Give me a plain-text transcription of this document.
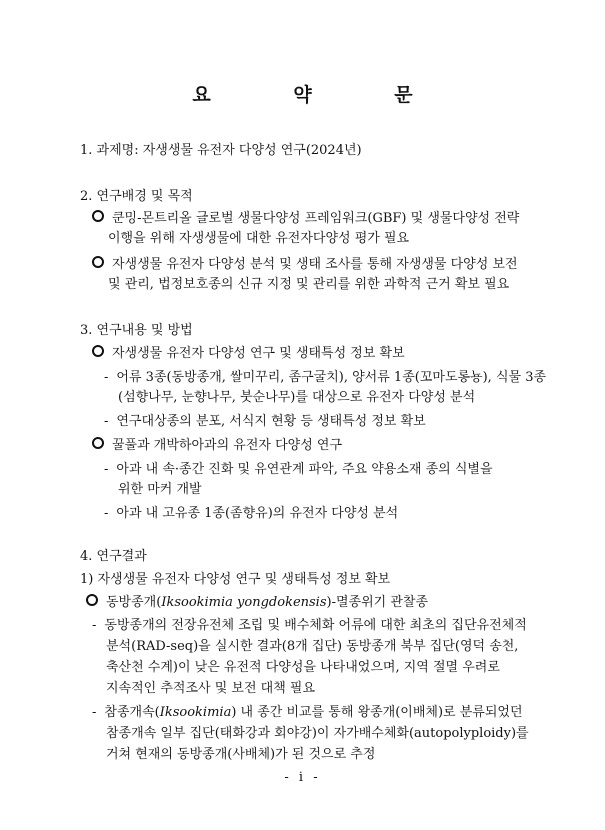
요 약 문
1. 과제명: 자생생물 유전자 다양성 연구(2024년)
2. 연구배경 및 목적
쿤밍-몬트리올 글로벌 생물다양성 프레임워크(GBF) 및 생물다양성 전략
이행을 위해 자생생물에 대한 유전자다양성 평가 필요
자생생물 유전자 다양성 분석 및 생태 조사를 통해 자생생물 다양성 보전
및 관리, 법정보호종의 신규 지정 및 관리를 위한 과학적 근거 확보 필요
3. 연구내용 및 방법
자생생물 유전자 다양성 연구 및 생태특성 정보 확보
- 어류 3종(동방종개, 쌀미꾸리, 좀구굴치), 양서류 1종(꼬마도롱뇽), 식물 3종
(섬향나무, 눈향나무, 붓순나무)를 대상으로 유전자 다양성 분석
- 연구대상종의 분포, 서식지 현황 등 생태특성 정보 확보
꿀풀과 개박하아과의 유전자 다양성 연구
- 아과 내 속·종간 진화 및 유연관계 파악, 주요 약용소재 종의 식별을
위한 마커 개발
- 아과 내 고유종 1종(좀향유)의 유전자 다양성 분석
4. 연구결과
1) 자생생물 유전자 다양성 연구 및 생태특성 정보 확보
동방종개(Iksookimia yongdokensis)-멸종위기 관찰종
- 동방종개의 전장유전체 조립 및 배수체화 어류에 대한 최초의 집단유전체적
분석(RAD-seq)을 실시한 결과(8개 집단) 동방종개 북부 집단(영덕 송천,
축산천 수계)이 낮은 유전적 다양성을 나타내었으며, 지역 절멸 우려로
지속적인 추적조사 및 보전 대책 필요
- 참종개속(Iksookimia) 내 종간 비교를 통해 왕종개(이배체)로 분류되었던
참종개속 일부 집단(태화강과 회야강)이 자가배수체화(autopolyploidy)를
거쳐 현재의 동방종개(사배체)가 된 것으로 추정
- i -
